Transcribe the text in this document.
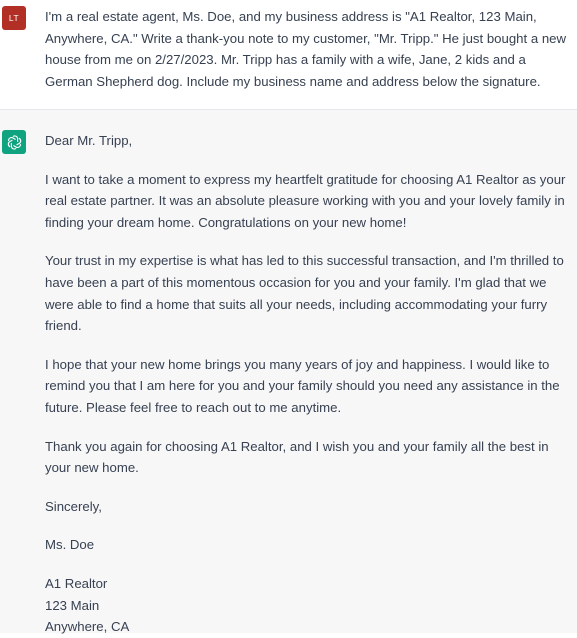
LT	I'm a real estate agent, Ms. Doe, and my business address is "A1 Realtor, 123 Main, Anywhere, CA." Write a thank-you note to my customer, "Mr. Tripp." He just bought a new house from me on 2/27/2023. Mr. Tripp has a family with a wife, Jane, 2 kids and a German Shepherd dog. Include my business name and address below the signature.

Dear Mr. Tripp,

I want to take a moment to express my heartfelt gratitude for choosing A1 Realtor as your real estate partner. It was an absolute pleasure working with you and your lovely family in finding your dream home. Congratulations on your new home!

Your trust in my expertise is what has led to this successful transaction, and I'm thrilled to have been a part of this momentous occasion for you and your family. I'm glad that we were able to find a home that suits all your needs, including accommodating your furry friend.

I hope that your new home brings you many years of joy and happiness. I would like to remind you that I am here for you and your family should you need any assistance in the future. Please feel free to reach out to me anytime.

Thank you again for choosing A1 Realtor, and I wish you and your family all the best in your new home.

Sincerely,

Ms. Doe

A1 Realtor

123 Main

Anywhere, CA
